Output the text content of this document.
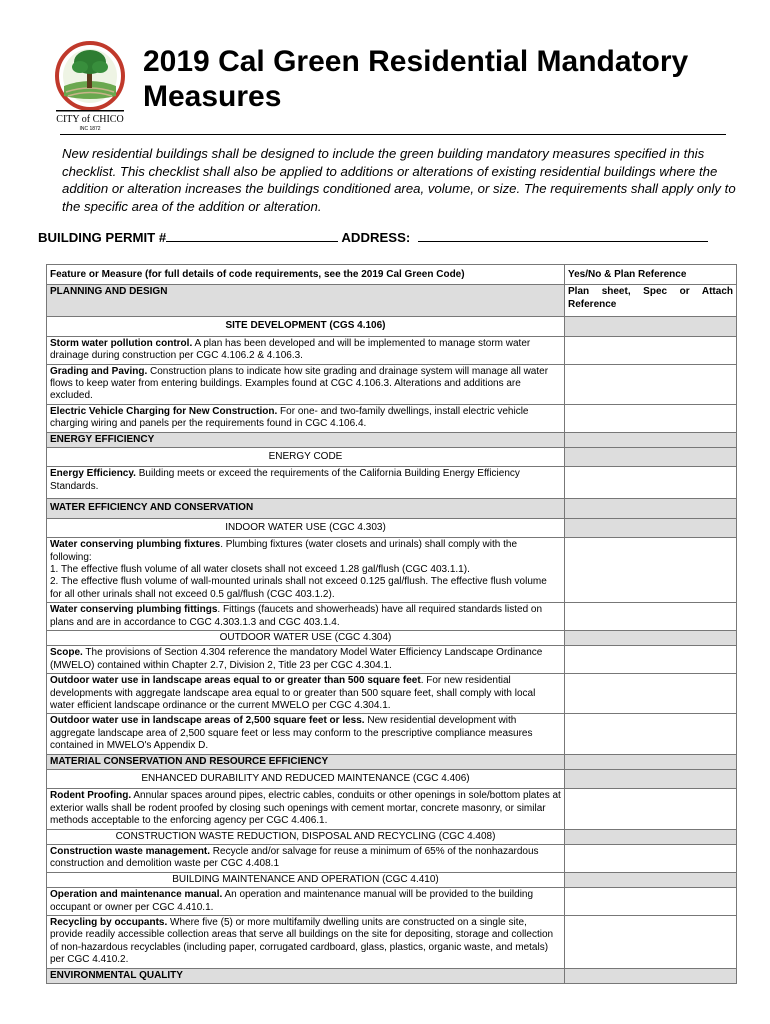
CITY of CHICO
INC 1872
2019 Cal Green Residential Mandatory
Measures
New residential buildings shall be designed to include the green building mandatory measures specified in this checklist. This checklist shall also be applied to additions or alterations of existing residential buildings where the addition or alteration increases the buildings conditioned area, volume, or size. The requirements shall apply only to the specific area of the addition or alteration.
BUILDING PERMIT #	ADDRESS:
Feature or Measure (for full details of code requirements, see the 2019 Cal Green Code)	Yes/No & Plan Reference
PLANNING AND DESIGN	Plan sheet, Spec or Attach Reference
SITE DEVELOPMENT (CGS 4.106)	
Storm water pollution control. A plan has been developed and will be implemented to manage storm water drainage during construction per CGC 4.106.2 & 4.106.3.	
Grading and Paving. Construction plans to indicate how site grading and drainage system will manage all water flows to keep water from entering buildings. Examples found at CGC 4.106.3. Alterations and additions are excluded.	
Electric Vehicle Charging for New Construction. For one- and two-family dwellings, install electric vehicle charging wiring and panels per the requirements found in CGC 4.106.4.	
ENERGY EFFICIENCY	
ENERGY CODE	
Energy Efficiency. Building meets or exceed the requirements of the California Building Energy Efficiency Standards.	
WATER EFFICIENCY AND CONSERVATION	
INDOOR WATER USE (CGC 4.303)	
Water conserving plumbing fixtures. Plumbing fixtures (water closets and urinals) shall comply with the following:
1. The effective flush volume of all water closets shall not exceed 1.28 gal/flush (CGC 403.1.1).
2. The effective flush volume of wall-mounted urinals shall not exceed 0.125 gal/flush. The effective flush volume for all other urinals shall not exceed 0.5 gal/flush (CGC 403.1.2).	

Water conserving plumbing fittings. Fittings (faucets and showerheads) have all required standards listed on plans and are in accordance to CGC 4.303.1.3 and CGC 403.1.4.	
OUTDOOR WATER USE (CGC 4.304)	
Scope. The provisions of Section 4.304 reference the mandatory Model Water Efficiency Landscape Ordinance (MWELO) contained within Chapter 2.7, Division 2, Title 23 per CGC 4.304.1.	
Outdoor water use in landscape areas equal to or greater than 500 square feet. For new residential developments with aggregate landscape area equal to or greater than 500 square feet, shall comply with local water efficient landscape ordinance or the current MWELO per CGC 4.304.1.	
Outdoor water use in landscape areas of 2,500 square feet or less. New residential development with aggregate landscape area of 2,500 square feet or less may conform to the prescriptive compliance measures contained in MWELO's Appendix D.	
MATERIAL CONSERVATION AND RESOURCE EFFICIENCY	
ENHANCED DURABILITY AND REDUCED MAINTENANCE (CGC 4.406)	
Rodent Proofing. Annular spaces around pipes, electric cables, conduits or other openings in sole/bottom plates at exterior walls shall be rodent proofed by closing such openings with cement mortar, concrete masonry, or similar methods acceptable to the enforcing agency per CGC 4.406.1.	
CONSTRUCTION WASTE REDUCTION, DISPOSAL AND RECYCLING (CGC 4.408)	
Construction waste management. Recycle and/or salvage for reuse a minimum of 65% of the nonhazardous construction and demolition waste per CGC 4.408.1	
BUILDING MAINTENANCE AND OPERATION (CGC 4.410)	
Operation and maintenance manual. An operation and maintenance manual will be provided to the building occupant or owner per CGC 4.410.1.	
Recycling by occupants. Where five (5) or more multifamily dwelling units are constructed on a single site, provide readily accessible collection areas that serve all buildings on the site for depositing, storage and collection of non-hazardous recyclables (including paper, corrugated cardboard, glass, plastics, organic waste, and metals) per CGC 4.410.2.	
ENVIRONMENTAL QUALITY	
